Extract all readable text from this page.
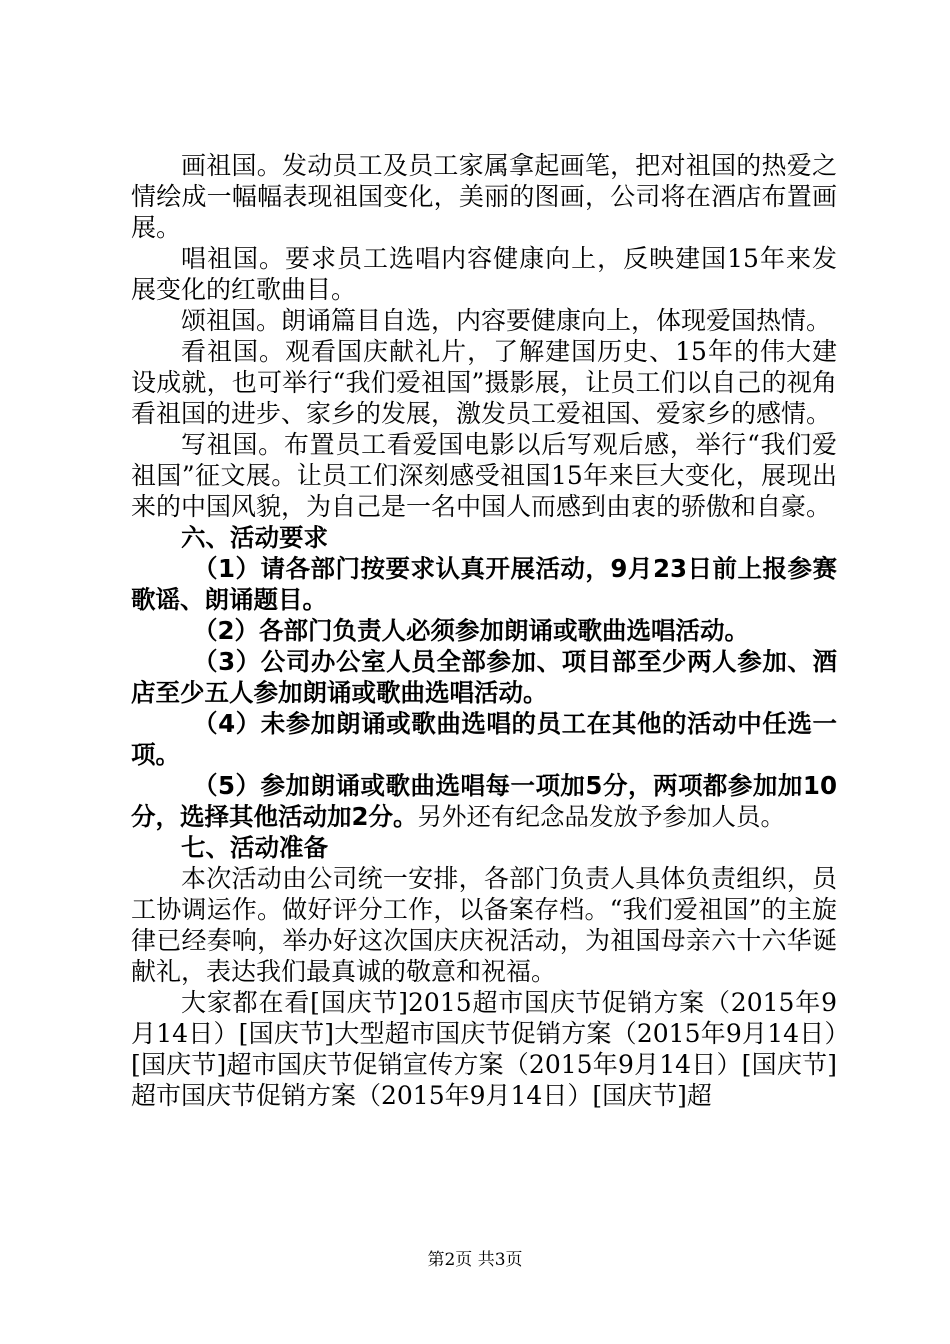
画祖国。发动员工及员工家属拿起画笔，把对祖国的热爱之情绘成一幅幅表现祖国变化，美丽的图画，公司将在酒店布置画展。

唱祖国。要求员工选唱内容健康向上，反映建国15年来发展变化的红歌曲目。

颂祖国。朗诵篇目自选，内容要健康向上，体现爱国热情。

看祖国。观看国庆献礼片，了解建国历史、15年的伟大建设成就，也可举行“我们爱祖国”摄影展，让员工们以自己的视角看祖国的进步、家乡的发展，激发员工爱祖国、爱家乡的感情。

写祖国。布置员工看爱国电影以后写观后感，举行“我们爱祖国”征文展。让员工们深刻感受祖国15年来巨大变化，展现出来的中国风貌，为自己是一名中国人而感到由衷的骄傲和自豪。

六、活动要求

（1）请各部门按要求认真开展活动，9月23日前上报参赛歌谣、朗诵题目。

（2）各部门负责人必须参加朗诵或歌曲选唱活动。

（3）公司办公室人员全部参加、项目部至少两人参加、酒店至少五人参加朗诵或歌曲选唱活动。

（4）未参加朗诵或歌曲选唱的员工在其他的活动中任选一项。

（5）参加朗诵或歌曲选唱每一项加5分，两项都参加加10分，选择其他活动加2分。另外还有纪念品发放予参加人员。

七、活动准备

本次活动由公司统一安排，各部门负责人具体负责组织，员工协调运作。做好评分工作，以备案存档。“我们爱祖国”的主旋律已经奏响，举办好这次国庆庆祝活动，为祖国母亲六十六华诞献礼，表达我们最真诚的敬意和祝福。

大家都在看[国庆节]2015超市国庆节促销方案（2015年9月14日）[国庆节]大型超市国庆节促销方案（2015年9月14日）[国庆节]超市国庆节促销宣传方案（2015年9月14日）[国庆节]超市国庆节促销方案（2015年9月14日）[国庆节]超

第2页 共3页
